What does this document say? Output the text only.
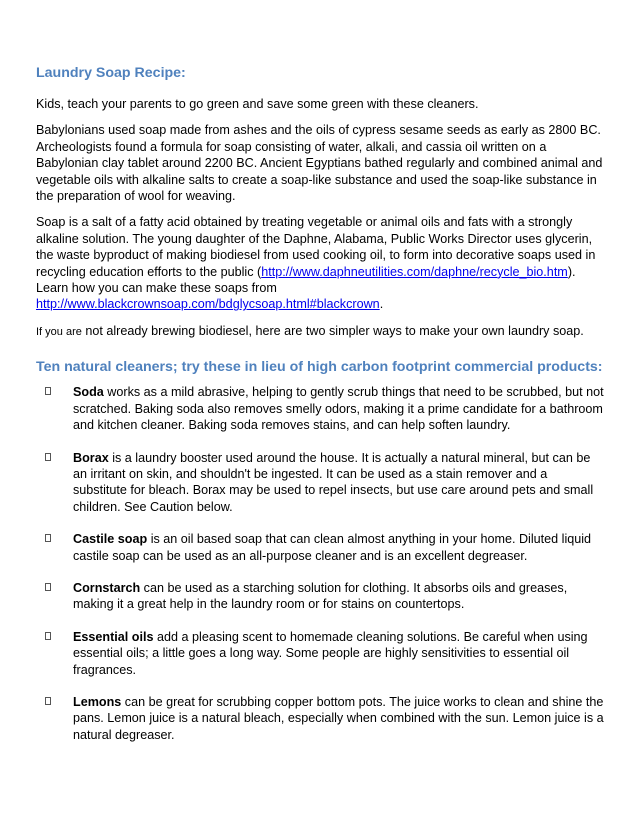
Laundry Soap Recipe:

Kids, teach your parents to go green and save some green with these cleaners.

Babylonians used soap made from ashes and the oils of cypress sesame seeds as early as 2800 BC. Archeologists found a formula for soap consisting of water, alkali, and cassia oil written on a Babylonian clay tablet around 2200 BC. Ancient Egyptians bathed regularly and combined animal and vegetable oils with alkaline salts to create a soap-like substance and used the soap-like substance in the preparation of wool for weaving.

Soap is a salt of a fatty acid obtained by treating vegetable or animal oils and fats with a strongly alkaline solution. The young daughter of the Daphne, Alabama, Public Works Director uses glycerin, the waste byproduct of making biodiesel from used cooking oil, to form into decorative soaps used in recycling education efforts to the public (http://www.daphneutilities.com/daphne/recycle_bio.htm). Learn how you can make these soaps from
http://www.blackcrownsoap.com/bdglycsoap.html#blackcrown.

If you are not already brewing biodiesel, here are two simpler ways to make your own laundry soap.

Ten natural cleaners; try these in lieu of high carbon footprint commercial products:
Soda works as a mild abrasive, helping to gently scrub things that need to be scrubbed, but not scratched. Baking soda also removes smelly odors, making it a prime candidate for a bathroom and kitchen cleaner. Baking soda removes stains, and can help soften laundry.
Borax is a laundry booster used around the house. It is actually a natural mineral, but can be an irritant on skin, and shouldn't be ingested. It can be used as a stain remover and a substitute for bleach. Borax may be used to repel insects, but use care around pets and small children. See Caution below.
Castile soap is an oil based soap that can clean almost anything in your home. Diluted liquid castile soap can be used as an all-purpose cleaner and is an excellent degreaser.
Cornstarch can be used as a starching solution for clothing. It absorbs oils and greases, making it a great help in the laundry room or for stains on countertops.
Essential oils add a pleasing scent to homemade cleaning solutions. Be careful when using essential oils; a little goes a long way. Some people are highly sensitivities to essential oil fragrances.
Lemons can be great for scrubbing copper bottom pots. The juice works to clean and shine the pans. Lemon juice is a natural bleach, especially when combined with the sun. Lemon juice is a natural degreaser.
